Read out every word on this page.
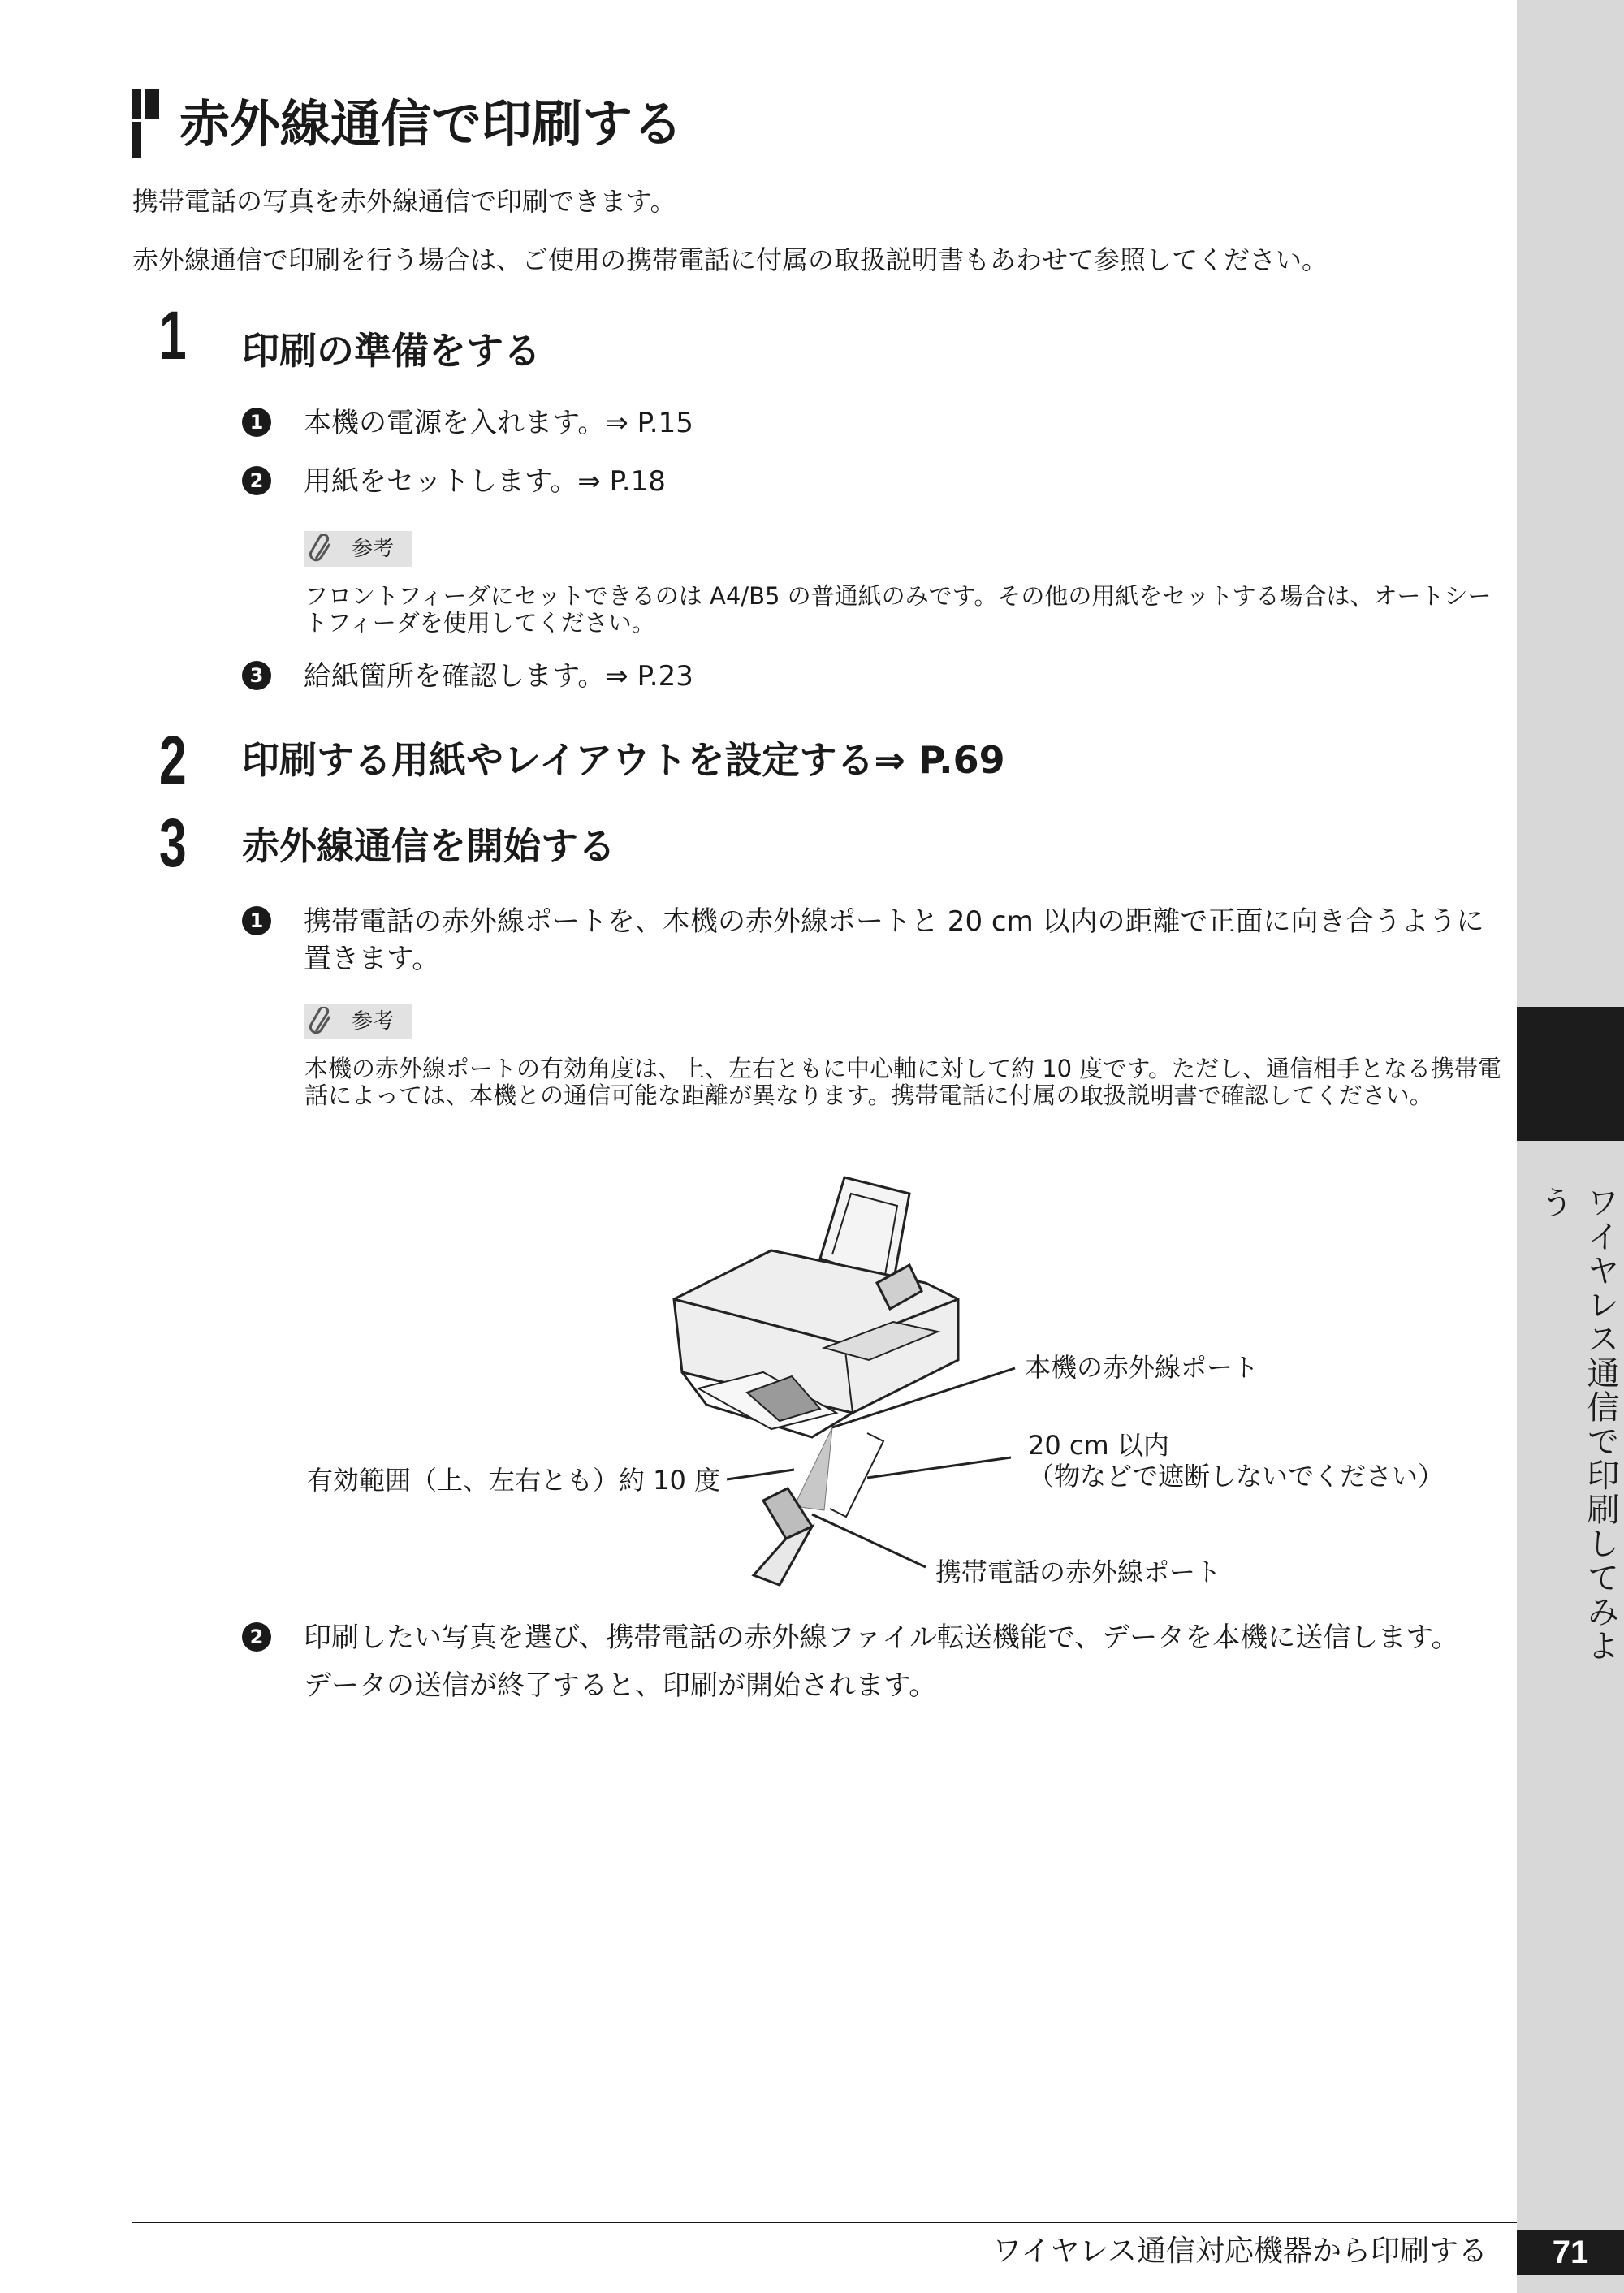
ワイヤレス通信で印刷してみよう
赤外線通信で印刷する
携帯電話の写真を赤外線通信で印刷できます。
赤外線通信で印刷を行う場合は、ご使用の携帯電話に付属の取扱説明書もあわせて参照してください。
1 印刷の準備をする
1 本機の電源を入れます。⇒ P.15
2 用紙をセットします。⇒ P.18
参考
フロントフィーダにセットできるのは A4/B5 の普通紙のみです。その他の用紙をセットする場合は、オートシートフィーダを使用してください。
3 給紙箇所を確認します。⇒ P.23
2 印刷する用紙やレイアウトを設定する⇒ P.69
3 赤外線通信を開始する
1 携帯電話の赤外線ポートを、本機の赤外線ポートと 20 cm 以内の距離で正面に向き合うように置きます。
参考
本機の赤外線ポートの有効角度は、上、左右ともに中心軸に対して約 10 度です。ただし、通信相手となる携帯電話によっては、本機との通信可能な距離が異なります。携帯電話に付属の取扱説明書で確認してください。
本機の赤外線ポート
20 cm 以内
（物などで遮断しないでください）
有効範囲（上、左右とも）約 10 度
携帯電話の赤外線ポート
2 印刷したい写真を選び、携帯電話の赤外線ファイル転送機能で、データを本機に送信します。
データの送信が終了すると、印刷が開始されます。
ワイヤレス通信対応機器から印刷する	71
